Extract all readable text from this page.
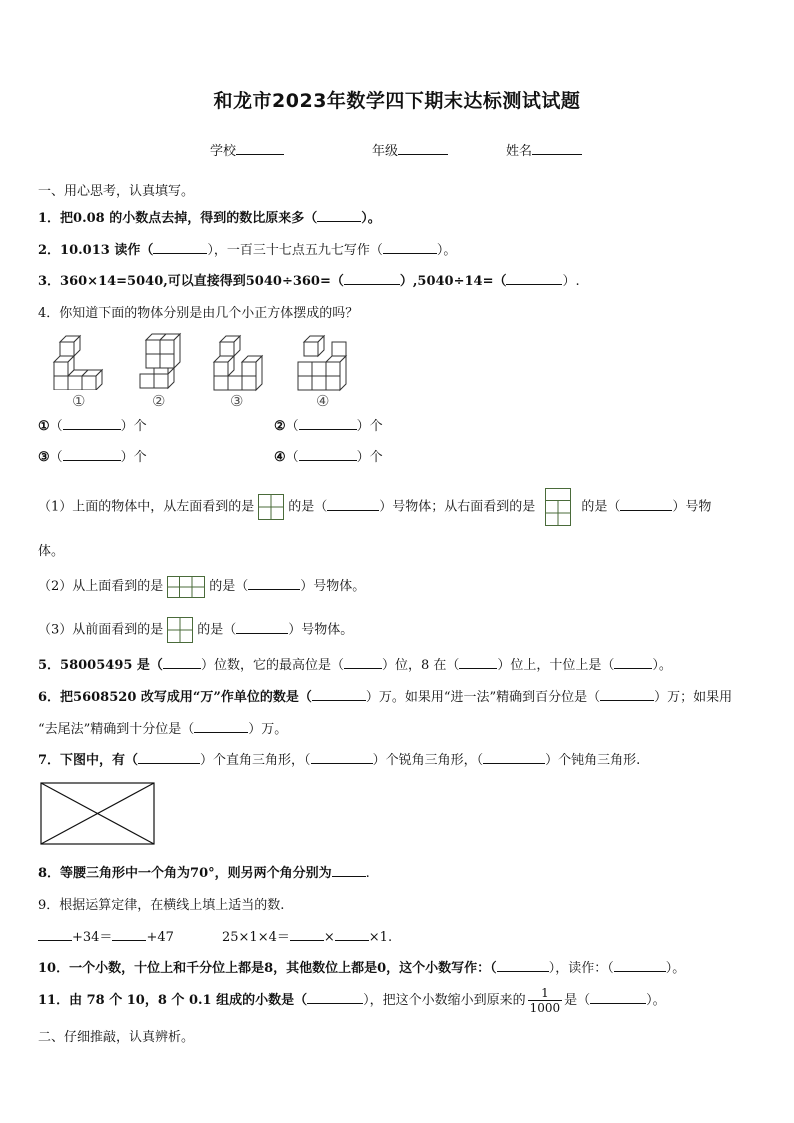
和龙市2023年数学四下期末达标测试试题
学校	年级	姓名
一、用心思考，认真填写。
1．把0.08 的小数点去掉，得到的数比原来多（	）。
2．10.013 读作（	），一百三十七点五九七写作（	）。
3．360×14=5040,可以直接得到5040÷360=（	）,5040÷14=（	）.
4．你知道下面的物体分别是由几个小正方体摆成的吗？
①	②	③	④
①（	）个	②（	）个
③（	）个	④（	）个
（1）上面的物体中，从左面看到的是	的是（	）号物体；从右面看到的是	的是（	）号物
体。
（2）从上面看到的是	的是（	）号物体。
（3）从前面看到的是	的是（	）号物体。
5．58005495 是（	）位数，它的最高位是（	）位，8 在（	）位上，十位上是（	）。
6．把5608520 改写成用“万”作单位的数是（	）万。如果用“进一法”精确到百分位是（	）万；如果用
“去尾法”精确到十分位是（	）万。
7．下图中，有（	）个直角三角形，（	）个锐角三角形，（	）个钝角三角形.
8．等腰三角形中一个角为70°，则另两个角分别为	.
9．根据运算定律，在横线上填上适当的数.
+34＝	+47	25×1×4＝	×	×1.
10．一个小数，十位上和千分位上都是8，其他数位上都是0，这个小数写作：（	），读作：（	）。
11．由 78 个 10，8 个 0.1 组成的小数是（	），把这个小数缩小到原来的 $\frac{1}{1000}$ 是（	）。
二、仔细推敲，认真辨析。
